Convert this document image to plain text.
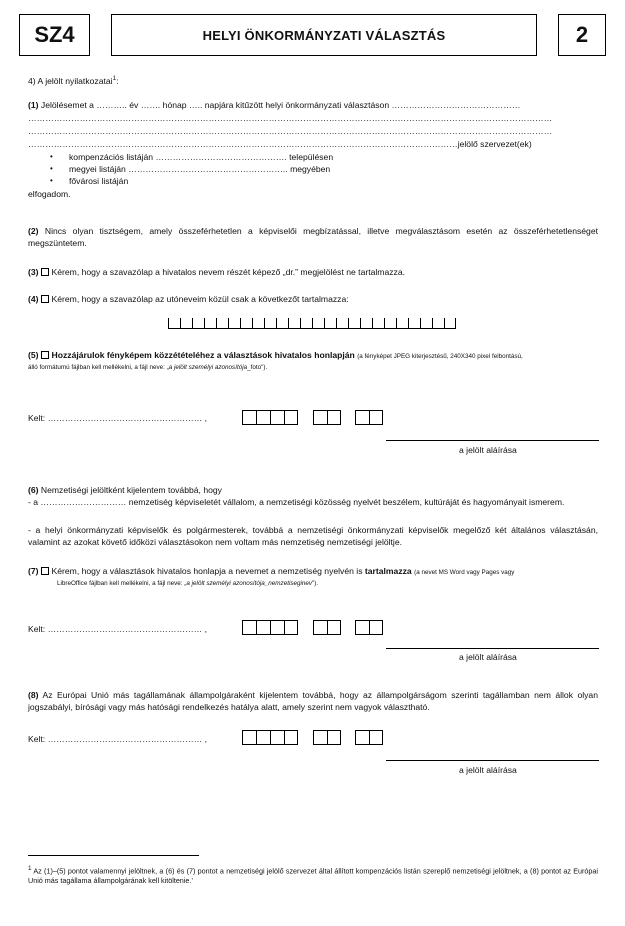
SZ4	HELYI ÖNKORMÁNYZATI VÁLASZTÁS	2
4) A jelölt nyilatkozatai$^1$:
(1) Jelölésemet a ……….. év ……. hónap ….. napjára kitűzött helyi önkormányzati választáson ………………………………………
…………………………………………………………………………………………………………………………………………………………………
…………………………………………………………………………………………………………………………………………………………………
……………………………………………………………………………………………………………………………………jelölő szervezet(ek)
• kompenzációs listáján ………………………………………. településen
• megyei listáján ……………………………………………….. megyében
• fővárosi listáján
elfogadom.
(2) Nincs olyan tisztségem, amely összeférhetetlen a képviselői megbízatással, illetve megválasztásom esetén az összeférhetetlenséget megszüntetem.
(3) Kérem, hogy a szavazólap a hivatalos nevem részét képező „dr.” megjelölést ne tartalmazza.
(4) Kérem, hogy a szavazólap az utóneveim közül csak a következőt tartalmazza:
(5) Hozzájárulok fényképem közzétételéhez a választások hivatalos honlapján (a fényképet JPEG kiterjesztésű, 240X340 pixel felbontású,
álló formátumú fájlban kell mellékelni, a fájl neve: „a jelölt személyi azonosítója_foto").
Kelt: ……………………………………………… ,
a jelölt aláírása
(6) Nemzetiségi jelöltként kijelentem továbbá, hogy
- a ………………………… nemzetiség képviseletét vállalom, a nemzetiségi közösség nyelvét beszélem, kultúráját és hagyományait ismerem.
- a helyi önkormányzati képviselők és polgármesterek, továbbá a nemzetiségi önkormányzati képviselők megelőző két általános választásán, valamint az azokat követő időközi választásokon nem voltam más nemzetiség nemzetiségi jelöltje.
(7) Kérem, hogy a választások hivatalos honlapja a nevemet a nemzetiség nyelvén is tartalmazza (a nevet MS Word vagy Pages vagy
LibreOffice fájlban kell mellékelni, a fájl neve: „a jelölt személyi azonosítója_nemzetiseginev").
Kelt: ……………………………………………… ,
a jelölt aláírása
(8) Az Európai Unió más tagállamának állampolgáraként kijelentem továbbá, hogy az állampolgárságom szerinti tagállamban nem állok olyan jogszabályi, bírósági vagy más hatósági rendelkezés hatálya alatt, amely szerint nem vagyok választható.
Kelt: ……………………………………………… ,
a jelölt aláírása
$^1$ Az (1)–(5) pontot valamennyi jelöltnek, a (6) és (7) pontot a nemzetiségi jelölő szervezet által állított kompenzációs listán szereplő nemzetiségi jelöltnek, a (8) pontot az Európai Unió más tagállama állampolgárának kell kitöltenie.’
